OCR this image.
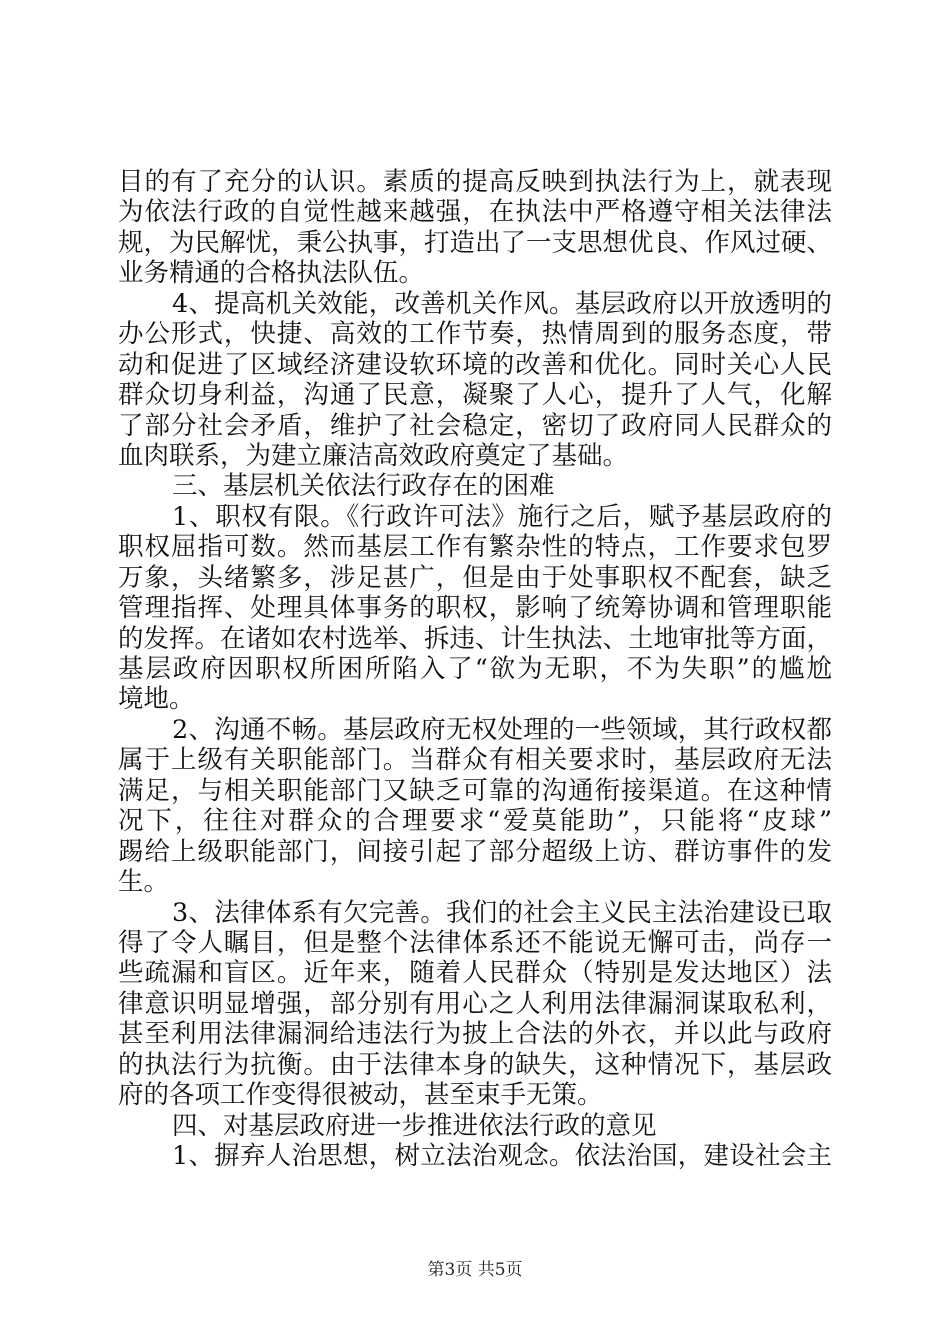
目的有了充分的认识。素质的提高反映到执法行为上，就表现
为依法行政的自觉性越来越强，在执法中严格遵守相关法律法
规，为民解忧，秉公执事，打造出了一支思想优良、作风过硬、
业务精通的合格执法队伍。
4、提高机关效能，改善机关作风。基层政府以开放透明的
办公形式，快捷、高效的工作节奏，热情周到的服务态度，带
动和促进了区域经济建设软环境的改善和优化。同时关心人民
群众切身利益，沟通了民意，凝聚了人心，提升了人气，化解
了部分社会矛盾，维护了社会稳定，密切了政府同人民群众的
血肉联系，为建立廉洁高效政府奠定了基础。
三、基层机关依法行政存在的困难
1、职权有限。《行政许可法》施行之后，赋予基层政府的
职权屈指可数。然而基层工作有繁杂性的特点，工作要求包罗
万象，头绪繁多，涉足甚广，但是由于处事职权不配套，缺乏
管理指挥、处理具体事务的职权，影响了统筹协调和管理职能
的发挥。在诸如农村选举、拆违、计生执法、土地审批等方面，
基层政府因职权所困所陷入了“欲为无职，不为失职”的尴尬
境地。
2、沟通不畅。基层政府无权处理的一些领域，其行政权都
属于上级有关职能部门。当群众有相关要求时，基层政府无法
满足，与相关职能部门又缺乏可靠的沟通衔接渠道。在这种情
况下，往往对群众的合理要求“爱莫能助”，只能将“皮球”
踢给上级职能部门，间接引起了部分超级上访、群访事件的发
生。
3、法律体系有欠完善。我们的社会主义民主法治建设已取
得了令人瞩目，但是整个法律体系还不能说无懈可击，尚存一
些疏漏和盲区。近年来，随着人民群众（特别是发达地区）法
律意识明显增强，部分别有用心之人利用法律漏洞谋取私利，
甚至利用法律漏洞给违法行为披上合法的外衣，并以此与政府
的执法行为抗衡。由于法律本身的缺失，这种情况下，基层政
府的各项工作变得很被动，甚至束手无策。
四、对基层政府进一步推进依法行政的意见
1、摒弃人治思想，树立法治观念。依法治国，建设社会主
第3页 共5页
